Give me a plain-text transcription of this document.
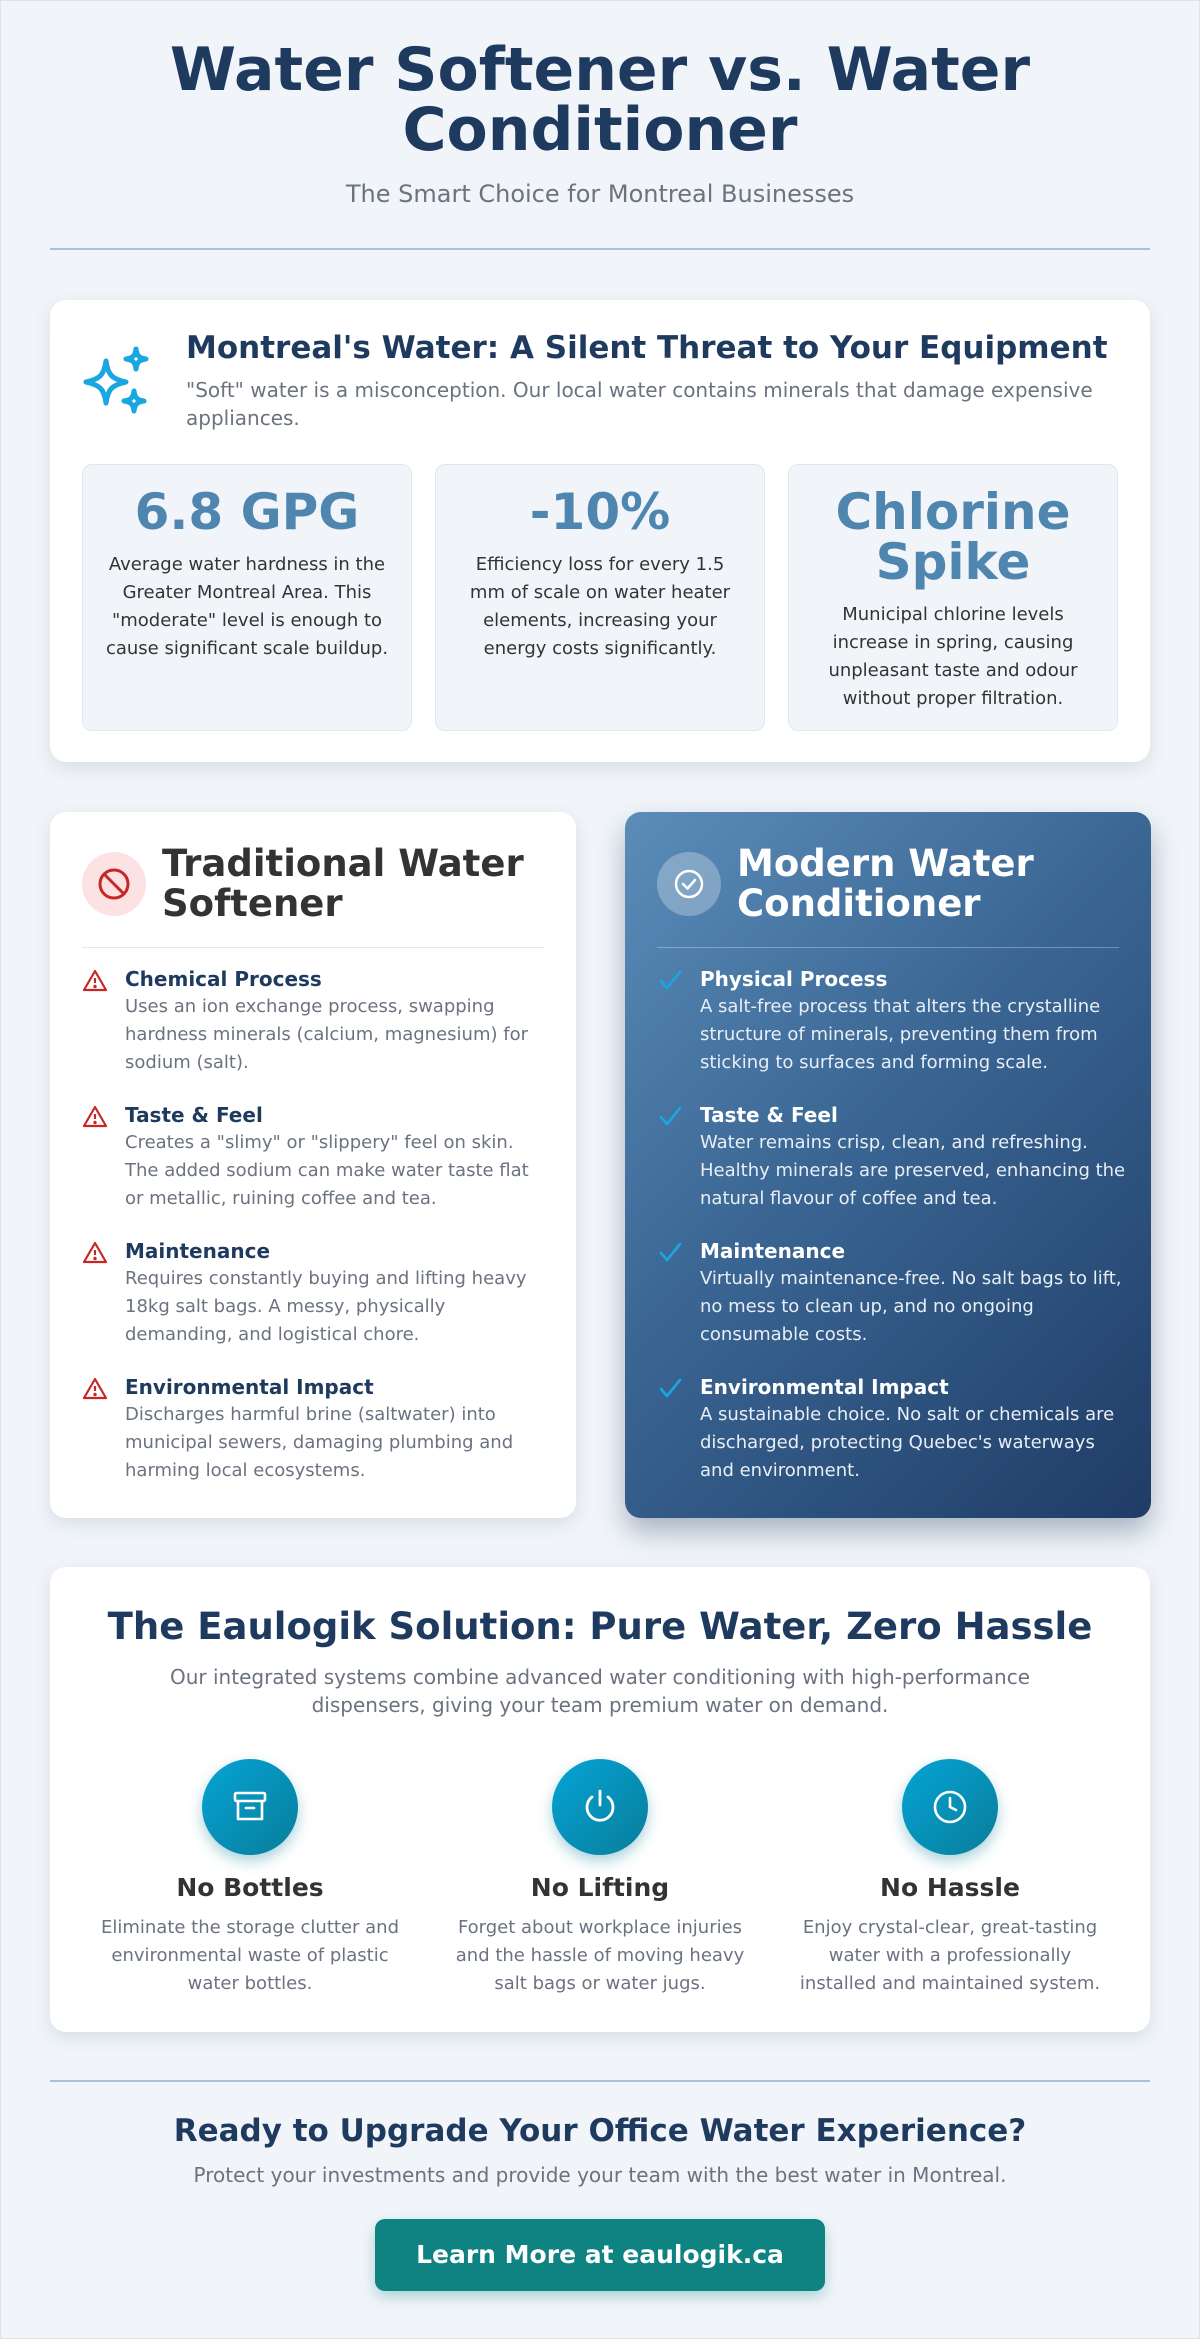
Water Softener vs. Water Conditioner
The Smart Choice for Montreal Businesses
Montreal's Water: A Silent Threat to Your Equipment
"Soft" water is a misconception. Our local water contains minerals that damage expensive appliances.
6.8 GPG
Average water hardness in the Greater Montreal Area. This "moderate" level is enough to cause significant scale buildup.
-10%
Efficiency loss for every 1.5 mm of scale on water heater elements, increasing your energy costs significantly.
Chlorine Spike
Municipal chlorine levels increase in spring, causing unpleasant taste and odour without proper filtration.
Traditional Water Softener
Chemical Process
Uses an ion exchange process, swapping hardness minerals (calcium, magnesium) for sodium (salt).
Taste & Feel
Creates a "slimy" or "slippery" feel on skin. The added sodium can make water taste flat or metallic, ruining coffee and tea.
Maintenance
Requires constantly buying and lifting heavy 18kg salt bags. A messy, physically demanding, and logistical chore.
Environmental Impact
Discharges harmful brine (saltwater) into municipal sewers, damaging plumbing and harming local ecosystems.
Modern Water Conditioner
Physical Process
A salt-free process that alters the crystalline structure of minerals, preventing them from sticking to surfaces and forming scale.
Taste & Feel
Water remains crisp, clean, and refreshing. Healthy minerals are preserved, enhancing the natural flavour of coffee and tea.
Maintenance
Virtually maintenance-free. No salt bags to lift, no mess to clean up, and no ongoing consumable costs.
Environmental Impact
A sustainable choice. No salt or chemicals are discharged, protecting Quebec's waterways and environment.
The Eaulogik Solution: Pure Water, Zero Hassle
Our integrated systems combine advanced water conditioning with high-performance dispensers, giving your team premium water on demand.
No Bottles
Eliminate the storage clutter and environmental waste of plastic water bottles.
No Lifting
Forget about workplace injuries and the hassle of moving heavy salt bags or water jugs.
No Hassle
Enjoy crystal-clear, great-tasting water with a professionally installed and maintained system.
Ready to Upgrade Your Office Water Experience?
Protect your investments and provide your team with the best water in Montreal.
Learn More at eaulogik.ca
